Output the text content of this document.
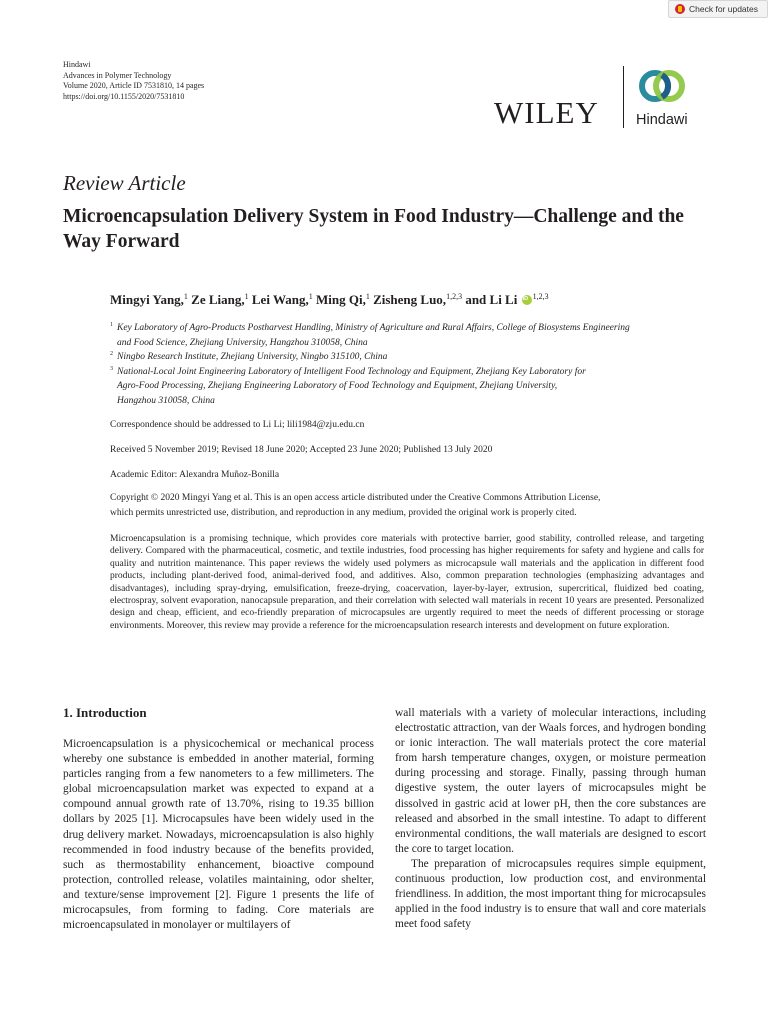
Check for updates
Hindawi
Advances in Polymer Technology
Volume 2020, Article ID 7531810, 14 pages
https://doi.org/10.1155/2020/7531810	WILEY	Hindawi
Review Article
Microencapsulation Delivery System in Food Industry—Challenge and the Way Forward
Mingyi Yang,$^1$ Ze Liang,$^1$ Lei Wang,$^1$ Ming Qi,$^1$ Zisheng Luo,$^{1,2,3}$ and Li Li iD $^{1,2,3}$
1 Key Laboratory of Agro-Products Postharvest Handling, Ministry of Agriculture and Rural Affairs, College of Biosystems Engineering
and Food Science, Zhejiang University, Hangzhou 310058, China
2 Ningbo Research Institute, Zhejiang University, Ningbo 315100, China
3 National-Local Joint Engineering Laboratory of Intelligent Food Technology and Equipment, Zhejiang Key Laboratory for
Agro-Food Processing, Zhejiang Engineering Laboratory of Food Technology and Equipment, Zhejiang University,
Hangzhou 310058, China
Correspondence should be addressed to Li Li; lili1984@zju.edu.cn
Received 5 November 2019; Revised 18 June 2020; Accepted 23 June 2020; Published 13 July 2020
Academic Editor: Alexandra Muñoz-Bonilla
Copyright © 2020 Mingyi Yang et al. This is an open access article distributed under the Creative Commons Attribution License,
which permits unrestricted use, distribution, and reproduction in any medium, provided the original work is properly cited.
Microencapsulation is a promising technique, which provides core materials with protective barrier, good stability, controlled release, and targeting delivery. Compared with the pharmaceutical, cosmetic, and textile industries, food processing has higher requirements for safety and hygiene and calls for quality and nutrition maintenance. This paper reviews the widely used polymers as microcapsule wall materials and the application in different food products, including plant-derived food, animal-derived food, and additives. Also, common preparation technologies (emphasizing advantages and disadvantages), including spray-drying, emulsification, freeze-drying, coacervation, layer-by-layer, extrusion, supercritical, fluidized bed coating, electrospray, solvent evaporation, nanocapsule preparation, and their correlation with selected wall materials in recent 10 years are presented. Personalized design and cheap, efficient, and eco-friendly preparation of microcapsules are urgently required to meet the needs of different processing or storage environments. Moreover, this review may provide a reference for the microencapsulation research interests and development on future exploration.
1. Introduction

Microencapsulation is a physicochemical or mechanical process whereby one substance is embedded in another material, forming particles ranging from a few nanometers to a few millimeters. The global microencapsulation market was expected to expand at a compound annual growth rate of 13.70%, rising to 19.35 billion dollars by 2025 [1]. Microcapsules have been widely used in the drug delivery market. Nowadays, microencapsulation is also highly recommended in food industry because of the benefits provided, such as thermostability enhancement, bioactive compound protection, controlled release, volatiles maintaining, odor shelter, and texture/sense improvement [2]. Figure 1 presents the life of microcapsules, from forming to fading. Core materials are microencapsulated in monolayer or multilayers of

wall materials with a variety of molecular interactions, including electrostatic attraction, van der Waals forces, and hydrogen bonding or ionic interaction. The wall materials protect the core material from harsh temperature changes, oxygen, or moisture permeation during processing and storage. Finally, passing through human digestive system, the outer layers of microcapsules might be dissolved in gastric acid at lower pH, then the core substances are released and absorbed in the small intestine. To adapt to different environmental conditions, the wall materials are designed to escort the core to target location.

The preparation of microcapsules requires simple equipment, continuous production, low production cost, and environmental friendliness. In addition, the most important thing for microcapsules applied in the food industry is to ensure that wall and core materials meet food safety
